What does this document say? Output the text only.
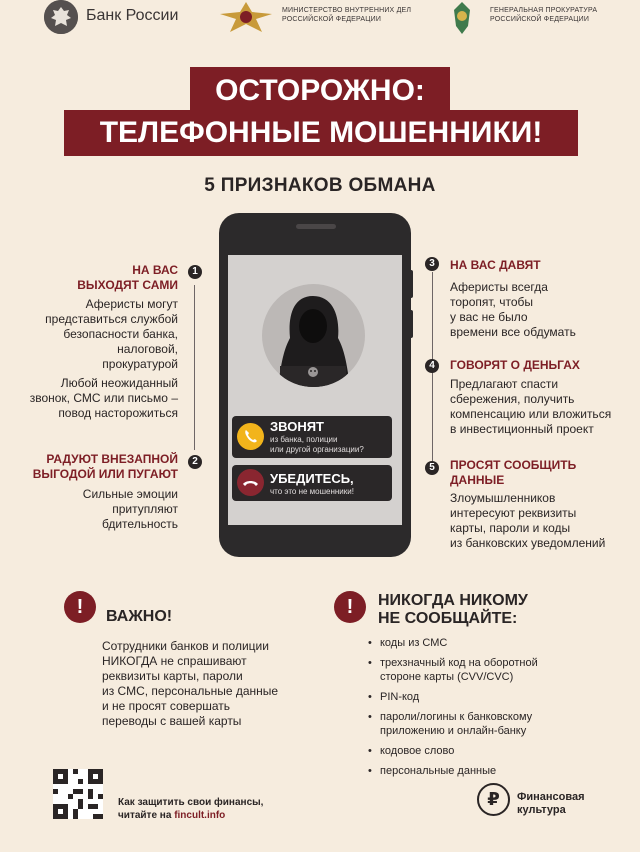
Банк России	МИНИСТЕРСТВО ВНУТРЕННИХ ДЕЛ
РОССИЙСКОЙ ФЕДЕРАЦИИ
ГЕНЕРАЛЬНАЯ ПРОКУРАТУРА
РОССИЙСКОЙ ФЕДЕРАЦИИ
ОСТОРОЖНО:
ТЕЛЕФОННЫЕ МОШЕННИКИ!
5 ПРИЗНАКОВ ОБМАНА
ЗВОНЯТ
из банка, полиции
или другой организации?
УБЕДИТЕСЬ,
что это не мошенники!
1
НА ВАС
ВЫХОДЯТ САМИ
Аферисты могут
представиться службой
безопасности банка,
налоговой,
прокуратурой
Любой неожиданный
звонок, СМС или письмо –
повод насторожиться
2
РАДУЮТ ВНЕЗАПНОЙ
ВЫГОДОЙ ИЛИ ПУГАЮТ
Сильные эмоции
притупляют
бдительность
3	НА ВАС ДАВЯТ
Аферисты всегда
торопят, чтобы
у вас не было
времени все обдумать
4	ГОВОРЯТ О ДЕНЬГАХ
Предлагают спасти
сбережения, получить
компенсацию или вложиться
в инвестиционный проект
5	ПРОСЯТ СООБЩИТЬ
ДАННЫЕ
Злоумышленников
интересуют реквизиты
карты, пароли и коды
из банковских уведомлений
!	ВАЖНО!
Сотрудники банков и полиции
НИКОГДА не спрашивают
реквизиты карты, пароли
из СМС, персональные данные
и не просят совершать
переводы с вашей карты
!	НИКОГДА НИКОМУ
НЕ СООБЩАЙТЕ:
• коды из СМС
• трехзначный код на оборотной стороне карты (CVV/CVC)
• PIN-код
• пароли/логины к банковскому приложению и онлайн-банку
• кодовое слово
• персональные данные
Как защитить свои финансы,
читайте на fincult.info
₽	Финансовая
культура
